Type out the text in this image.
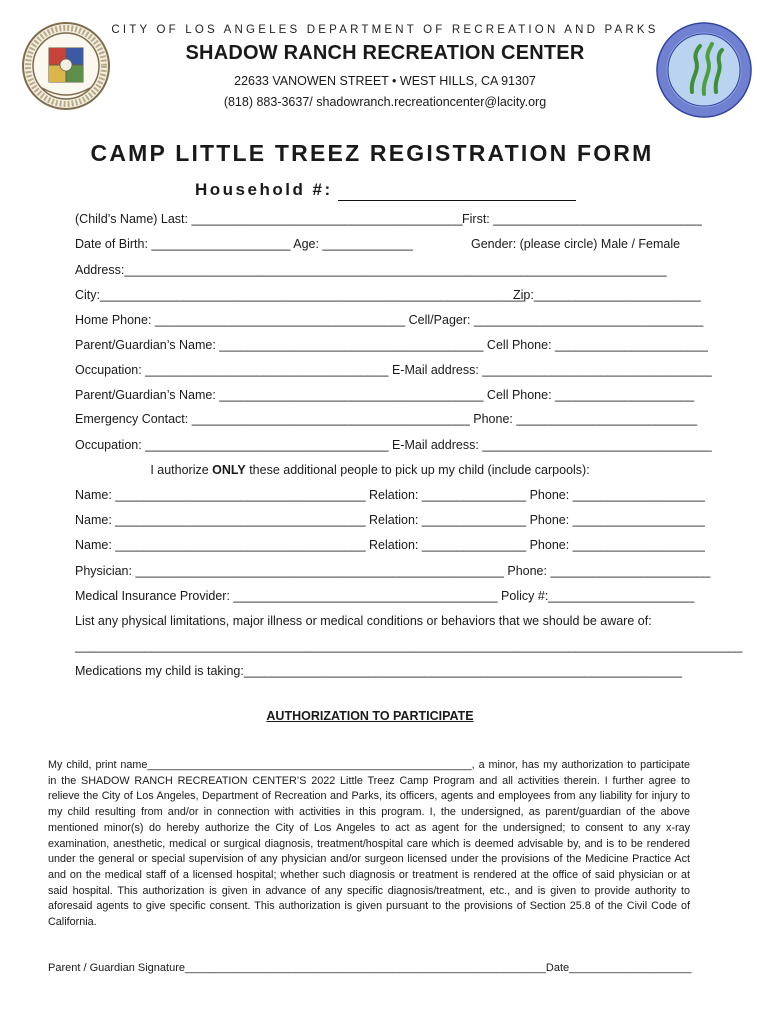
CITY OF LOS ANGELES DEPARTMENT OF RECREATION AND PARKS
SHADOW RANCH RECREATION CENTER
22633 VANOWEN STREET • WEST HILLS, CA 91307
(818) 883-3637/ shadowranch.recreationcenter@lacity.org
CAMP LITTLE TREEZ REGISTRATION FORM
Household #:
(Child’s Name) Last: _______________________________________ First: ______________________________
Date of Birth: ____________________ Age: _____________	Gender: (please circle) Male / Female
Address:______________________________________________________________________________
City:_____________________________________________________________
Zip:________________________
Home Phone: ____________________________________ Cell/Pager: _________________________________
Parent/Guardian’s Name: ______________________________________ Cell Phone: ______________________
Occupation: ___________________________________ E-Mail address: _________________________________
Parent/Guardian’s Name: ______________________________________ Cell Phone: ____________________
Emergency Contact: ________________________________________ Phone: __________________________
Occupation: ___________________________________ E-Mail address: _________________________________
I authorize ONLY these additional people to pick up my child (include carpools):
Name: ____________________________________ Relation: _______________ Phone: ___________________
Name: ____________________________________ Relation: _______________ Phone: ___________________
Name: ____________________________________ Relation: _______________ Phone: ___________________
Physician: _____________________________________________________ Phone: _______________________
Medical Insurance Provider: ______________________________________ Policy #:_____________________
List any physical limitations, major illness or medical conditions or behaviors that we should be aware of:
________________________________________________________________________________________________
Medications my child is taking:_______________________________________________________________
AUTHORIZATION TO PARTICIPATE
My child, print name______________________________________________________, a minor, has my authorization to participate in the SHADOW RANCH RECREATION CENTER’S 2022 Little Treez Camp Program and all activities therein. I further agree to relieve the City of Los Angeles, Department of Recreation and Parks, its officers, agents and employees from any liability for injury to my child resulting from and/or in connection with activities in this program. I, the undersigned, as parent/guardian of the above mentioned minor(s) do hereby authorize the City of Los Angeles to act as agent for the undersigned; to consent to any x-ray examination, anesthetic, medical or surgical diagnosis, treatment/hospital care which is deemed advisable by, and is to be rendered under the general or special supervision of any physician and/or surgeon licensed under the provisions of the Medicine Practice Act and on the medical staff of a licensed hospital; whether such diagnosis or treatment is rendered at the office of said physician or at said hospital. This authorization is given in advance of any specific diagnosis/treatment, etc., and is given to provide authority to aforesaid agents to give specific consent. This authorization is given pursuant to the provisions of Section 25.8 of the Civil Code of California.
Parent / Guardian Signature___________________________________________________________Date____________________
